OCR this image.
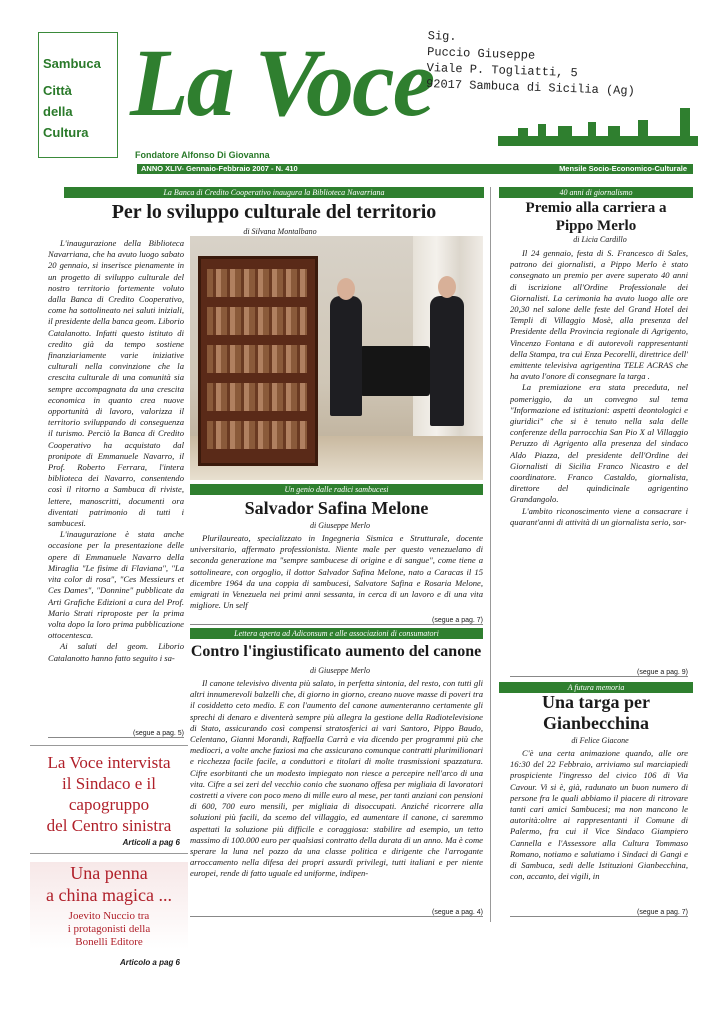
Sambuca
Città
della
Cultura La Voce
Fondatore Alfonso Di Giovanna
Sig.
Puccio Giuseppe
Viale P. Togliatti, 5
92017 Sambuca di Sicilia (Ag)
ANNO XLIV- Gennaio-Febbraio 2007 - N. 410	Mensile Socio-Economico-Culturale
La Banca di Credito Cooperativo inaugura la Biblioteca Navarriana
Per lo sviluppo culturale del territorio
di Silvana Montalbano

L'inaugurazione della Biblioteca Navarriana, che ha avuto luogo sabato 20 gennaio, si inserisce pienamente in un progetto di sviluppo culturale del nostro territorio fortemente voluto dalla Banca di Credito Cooperativo, come ha sottolineato nei saluti iniziali, il presidente della banca geom. Liborio Catalanotto. Infatti questo istituto di credito già da tempo sostiene finanziariamente varie iniziative culturali nella convinzione che la crescita culturale di una comunità sia sempre accompagnata da una crescita economica in quanto crea nuove opportunità di lavoro, valorizza il territorio sviluppando di conseguenza il turismo. Perciò la Banca di Credito Cooperativo ha acquistato dal pronipote di Emmanuele Navarro, il Prof. Roberto Ferrara, l'intera biblioteca dei Navarro, consentendo così il ritorno a Sambuca di riviste, lettere, manoscritti, documenti ora diventati patrimonio di tutti i sambucesi.

L'inaugurazione è stata anche occasione per la presentazione delle opere di Emmanuele Navarro della Miraglia "Le fisime di Flaviana", "La vita color di rosa", "Ces Messieurs et Ces Dames", "Donnine" pubblicate da Arti Grafiche Edizioni a cura del Prof. Mario Strati riproposte per la prima volta dopo la loro prima pubblicazione ottocentesca.

Ai saluti del geom. Liborio Catalanotto hanno fatto seguito i sa-

(segue a pag. 5)
Un genio dalle radici sambucesi
Salvador Safina Melone
di Giuseppe Merlo

Plurilaureato, specializzato in Ingegneria Sismica e Strutturale, docente universitario, affermato professionista. Niente male per questo venezuelano di seconda generazione ma "sempre sambucese di origine e di sangue", come tiene a sottolineare, con orgoglio, il dottor Salvador Safina Melone, nato a Caracas il 15 dicembre 1964 da una coppia di sambucesi, Salvatore Safina e Rosaria Melone, emigrati in Venezuela nei primi anni sessanta, in cerca di un lavoro e di una vita migliore. Un self

(segue a pag. 7)
Lettera aperta ad Adiconsum e alle associazioni di consumatori
Contro l'ingiustificato aumento del canone
di Giuseppe Merlo

Il canone televisivo diventa più salato, in perfetta sintonia, del resto, con tutti gli altri innumerevoli balzelli che, di giorno in giorno, creano nuove masse di poveri tra il cosiddetto ceto medio. E con l'aumento del canone aumenteranno certamente gli sprechi di denaro e diventerà sempre più allegra la gestione della Radiotelevisione di Stato, assicurando così compensi stratosferici ai vari Santoro, Pippo Baudo, Celentano, Gianni Morandi, Raffaella Carrà e via dicendo per programmi più che mediocri, a volte anche faziosi ma che assicurano comunque contratti plurimilionari e ricchezza facile facile, a conduttori e titolari di molte trasmissioni spazzatura. Cifre esorbitanti che un modesto impiegato non riesce a percepire nell'arco di una vita. Cifre a sei zeri del vecchio conio che suonano offesa per migliaia di lavoratori costretti a vivere con poco meno di mille euro al mese, per tanti anziani con pensioni di 600, 700 euro mensili, per migliaia di disoccupati. Anziché ricorrere alla soluzioni più facili, da scemo del villaggio, ed aumentare il canone, ci saremmo aspettati la soluzione più difficile e coraggiosa: stabilire ad esempio, un tetto massimo di 100.000 euro per qualsiasi contratto della durata di un anno. Ma è come sperare la luna nel pozzo da una classe politica e dirigente che l'arrogante arroccamento nella difesa dei propri assurdi privilegi, tutti italiani e per niente europei, rende di fatto uguale ed uniforme, indipen-

(segue a pag. 4)
La Voce intervista
il Sindaco e il
capogruppo
del Centro sinistra
Articoli a pag 6
Una penna
a china magica ...
Joevito Nuccio tra
i protagonisti della
Bonelli Editore
Articolo a pag 6
40 anni di giornalismo
Premio alla carriera a
Pippo Merlo
di Licia Cardillo

Il 24 gennaio, festa di S. Francesco di Sales, patrono dei giornalisti, a Pippo Merlo è stato consegnato un premio per avere superato 40 anni di iscrizione all'Ordine Professionale dei Giornalisti. La cerimonia ha avuto luogo alle ore 20,30 nel salone delle feste del Grand Hotel dei Templi di Villaggio Mosè, alla presenza del Presidente della Provincia regionale di Agrigento, Vincenzo Fontana e di autorevoli rappresentanti della Stampa, tra cui Enza Pecorelli, direttrice dell' emittente televisiva agrigentina TELE ACRAS che ha avuto l'onore di consegnare la targa .

La premiazione era stata preceduta, nel pomeriggio, da un convegno sul tema "Informazione ed istituzioni: aspetti deontologici e giuridici" che si è tenuto nella sala delle conferenze della parrocchia San Pio X al Villaggio Peruzzo di Agrigento alla presenza del sindaco Aldo Piazza, del presidente dell'Ordine dei Giornalisti di Sicilia Franco Nicastro e del coordinatore. Franco Castaldo, giornalista, direttore del quindicinale agrigentino Grandangolo.

L'ambito riconoscimento viene a consacrare i quarant'anni di attività di un giornalista serio, sor-

(segue a pag. 9)
A futura memoria
Una targa per
Gianbecchina
di Felice Giacone

C'è una certa animazione quando, alle ore 16:30 del 22 Febbraio, arriviamo sul marciapiedi prospiciente l'ingresso del civico 106 di Via Cavour. Vi si è, già, radunato un buon numero di persone fra le quali abbiamo il piacere di ritrovare tanti cari amici Sambucesi; ma non mancono le autorità:oltre ai rappresentanti il Comune di Palermo, fra cui il Vice Sindaco Giampiero Cannella e l'Assessore alla Cultura Tommaso Romano, notiamo e salutiamo i Sindaci di Gangi e di Sambuca, sedi delle Istituzioni Gianbecchina, con, accanto, dei vigili, in

(segue a pag. 7)
